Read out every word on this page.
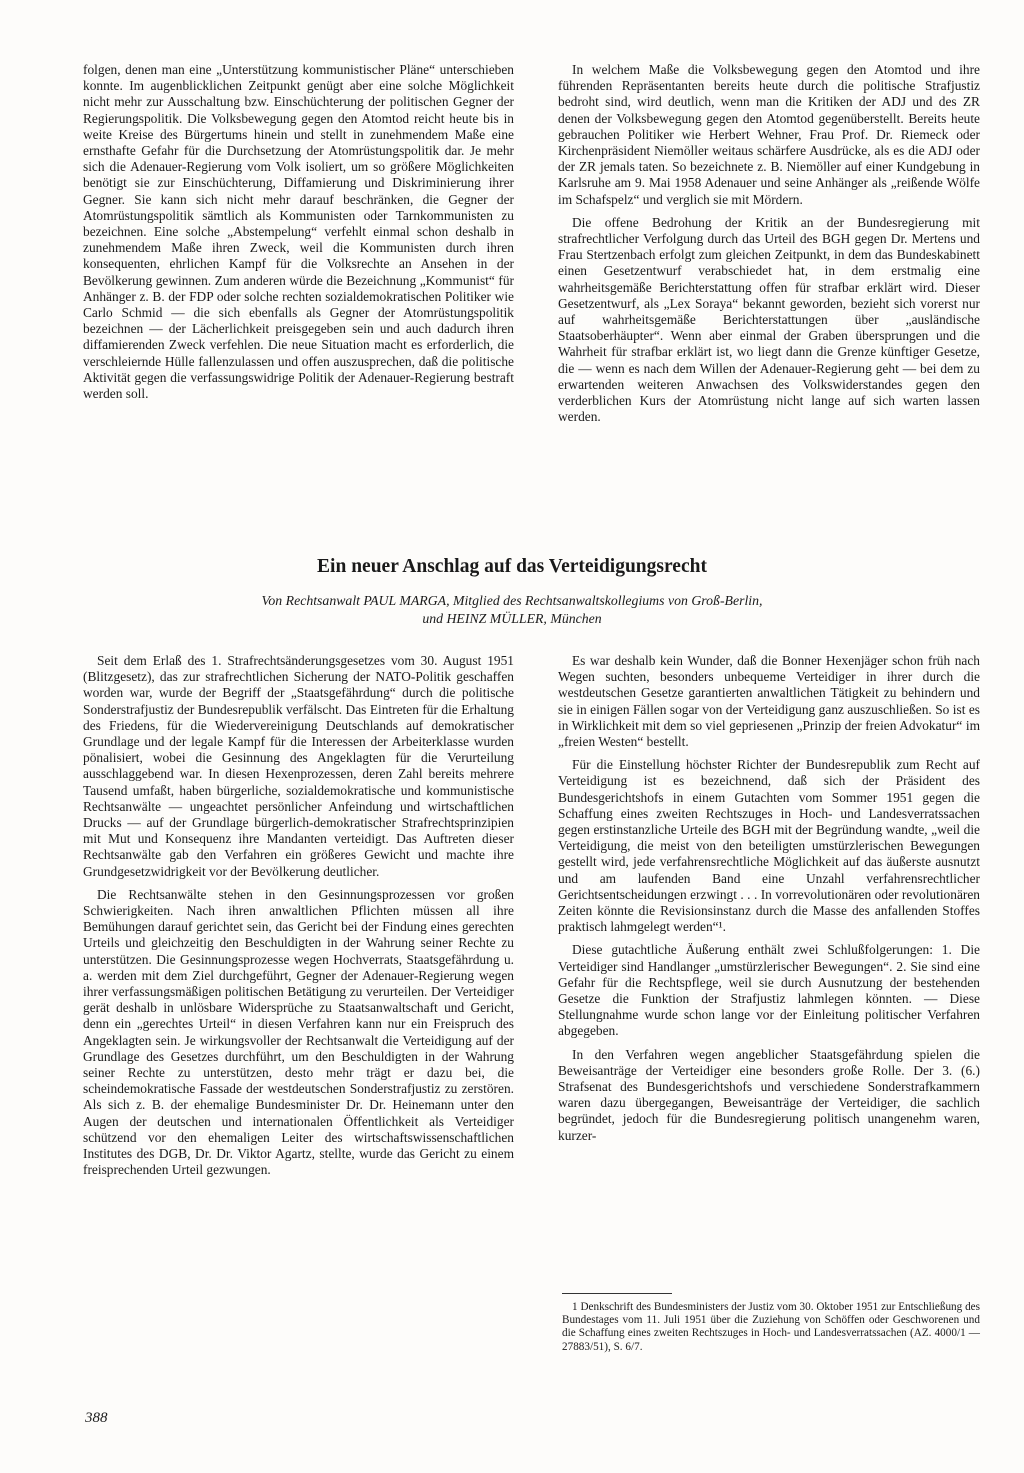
folgen, denen man eine „Unterstützung kommunistischer Pläne“ unterschieben konnte. Im augenblicklichen Zeitpunkt genügt aber eine solche Möglichkeit nicht mehr zur Ausschaltung bzw. Einschüchterung der politischen Gegner der Regierungspolitik. Die Volksbewegung gegen den Atomtod reicht heute bis in weite Kreise des Bürgertums hinein und stellt in zunehmendem Maße eine ernsthafte Gefahr für die Durchsetzung der Atomrüstungspolitik dar. Je mehr sich die Adenauer-Regierung vom Volk isoliert, um so größere Möglichkeiten benötigt sie zur Einschüchterung, Diffamierung und Diskriminierung ihrer Gegner. Sie kann sich nicht mehr darauf beschränken, die Gegner der Atomrüstungspolitik sämtlich als Kommunisten oder Tarnkommunisten zu bezeichnen. Eine solche „Abstempelung“ verfehlt einmal schon deshalb in zunehmendem Maße ihren Zweck, weil die Kommunisten durch ihren konsequenten, ehrlichen Kampf für die Volksrechte an Ansehen in der Bevölkerung gewinnen. Zum anderen würde die Bezeichnung „Kommunist“ für Anhänger z. B. der FDP oder solche rechten sozialdemokratischen Politiker wie Carlo Schmid — die sich ebenfalls als Gegner der Atomrüstungspolitik bezeichnen — der Lächerlichkeit preisgegeben sein und auch dadurch ihren diffamierenden Zweck verfehlen. Die neue Situation macht es erforderlich, die verschleiernde Hülle fallenzulassen und offen auszusprechen, daß die politische Aktivität gegen die verfassungswidrige Politik der Adenauer-Regierung bestraft werden soll.

In welchem Maße die Volksbewegung gegen den Atomtod und ihre führenden Repräsentanten bereits heute durch die politische Strafjustiz bedroht sind, wird deutlich, wenn man die Kritiken der ADJ und des ZR denen der Volksbewegung gegen den Atomtod gegenüberstellt. Bereits heute gebrauchen Politiker wie Herbert Wehner, Frau Prof. Dr. Riemeck oder Kirchenpräsident Niemöller weitaus schärfere Ausdrücke, als es die ADJ oder der ZR jemals taten. So bezeichnete z. B. Niemöller auf einer Kundgebung in Karlsruhe am 9. Mai 1958 Adenauer und seine Anhänger als „reißende Wölfe im Schafspelz“ und verglich sie mit Mördern.

Die offene Bedrohung der Kritik an der Bundesregierung mit strafrechtlicher Verfolgung durch das Urteil des BGH gegen Dr. Mertens und Frau Stertzenbach erfolgt zum gleichen Zeitpunkt, in dem das Bundeskabinett einen Gesetzentwurf verabschiedet hat, in dem erstmalig eine wahrheitsgemäße Berichterstattung offen für strafbar erklärt wird. Dieser Gesetzentwurf, als „Lex Soraya“ bekannt geworden, bezieht sich vorerst nur auf wahrheitsgemäße Berichterstattungen über „ausländische Staatsoberhäupter“. Wenn aber einmal der Graben übersprungen und die Wahrheit für strafbar erklärt ist, wo liegt dann die Grenze künftiger Gesetze, die — wenn es nach dem Willen der Adenauer-Regierung geht — bei dem zu erwartenden weiteren Anwachsen des Volkswiderstandes gegen den verderblichen Kurs der Atomrüstung nicht lange auf sich warten lassen werden.

Ein neuer Anschlag auf das Verteidigungsrecht
Von Rechtsanwalt PAUL MARGA, Mitglied des Rechtsanwaltskollegiums von Groß-Berlin,
und HEINZ MÜLLER, München

Seit dem Erlaß des 1. Strafrechtsänderungsgesetzes vom 30. August 1951 (Blitzgesetz), das zur strafrechtlichen Sicherung der NATO-Politik geschaffen worden war, wurde der Begriff der „Staatsgefährdung“ durch die politische Sonderstrafjustiz der Bundesrepublik verfälscht. Das Eintreten für die Erhaltung des Friedens, für die Wiedervereinigung Deutschlands auf demokratischer Grundlage und der legale Kampf für die Interessen der Arbeiterklasse wurden pönalisiert, wobei die Gesinnung des Angeklagten für die Verurteilung ausschlaggebend war. In diesen Hexenprozessen, deren Zahl bereits mehrere Tausend umfaßt, haben bürgerliche, sozialdemokratische und kommunistische Rechtsanwälte — ungeachtet persönlicher Anfeindung und wirtschaftlichen Drucks — auf der Grundlage bürgerlich-demokratischer Strafrechtsprinzipien mit Mut und Konsequenz ihre Mandanten verteidigt. Das Auftreten dieser Rechtsanwälte gab den Verfahren ein größeres Gewicht und machte ihre Grundgesetzwidrigkeit vor der Bevölkerung deutlicher.

Die Rechtsanwälte stehen in den Gesinnungsprozessen vor großen Schwierigkeiten. Nach ihren anwaltlichen Pflichten müssen all ihre Bemühungen darauf gerichtet sein, das Gericht bei der Findung eines gerechten Urteils und gleichzeitig den Beschuldigten in der Wahrung seiner Rechte zu unterstützen. Die Gesinnungsprozesse wegen Hochverrats, Staatsgefährdung u. a. werden mit dem Ziel durchgeführt, Gegner der Adenauer-Regierung wegen ihrer verfassungsmäßigen politischen Betätigung zu verurteilen. Der Verteidiger gerät deshalb in unlösbare Widersprüche zu Staatsanwaltschaft und Gericht, denn ein „gerechtes Urteil“ in diesen Verfahren kann nur ein Freispruch des Angeklagten sein. Je wirkungsvoller der Rechtsanwalt die Verteidigung auf der Grundlage des Gesetzes durchführt, um den Beschuldigten in der Wahrung seiner Rechte zu unterstützen, desto mehr trägt er dazu bei, die scheindemokratische Fassade der westdeutschen Sonderstrafjustiz zu zerstören. Als sich z. B. der ehemalige Bundesminister Dr. Dr. Heinemann unter den Augen der deutschen und internationalen Öffentlichkeit als Verteidiger schützend vor den ehemaligen Leiter des wirtschaftswissenschaftlichen Institutes des DGB, Dr. Dr. Viktor Agartz, stellte, wurde das Gericht zu einem freisprechenden Urteil gezwungen.

Es war deshalb kein Wunder, daß die Bonner Hexenjäger schon früh nach Wegen suchten, besonders unbequeme Verteidiger in ihrer durch die westdeutschen Gesetze garantierten anwaltlichen Tätigkeit zu behindern und sie in einigen Fällen sogar von der Verteidigung ganz auszuschließen. So ist es in Wirklichkeit mit dem so viel gepriesenen „Prinzip der freien Advokatur“ im „freien Westen“ bestellt.

Für die Einstellung höchster Richter der Bundesrepublik zum Recht auf Verteidigung ist es bezeichnend, daß sich der Präsident des Bundesgerichtshofs in einem Gutachten vom Sommer 1951 gegen die Schaffung eines zweiten Rechtszuges in Hoch- und Landesverratssachen gegen erstinstanzliche Urteile des BGH mit der Begründung wandte, „weil die Verteidigung, die meist von den beteiligten umstürzlerischen Bewegungen gestellt wird, jede verfahrensrechtliche Möglichkeit auf das äußerste ausnutzt und am laufenden Band eine Unzahl verfahrensrechtlicher Gerichtsentscheidungen erzwingt . . . In vorrevolutionären oder revolutionären Zeiten könnte die Revisionsinstanz durch die Masse des anfallenden Stoffes praktisch lahmgelegt werden“¹.

Diese gutachtliche Äußerung enthält zwei Schlußfolgerungen: 1. Die Verteidiger sind Handlanger „umstürzlerischer Bewegungen“. 2. Sie sind eine Gefahr für die Rechtspflege, weil sie durch Ausnutzung der bestehenden Gesetze die Funktion der Strafjustiz lahmlegen könnten. — Diese Stellungnahme wurde schon lange vor der Einleitung politischer Verfahren abgegeben.

In den Verfahren wegen angeblicher Staatsgefährdung spielen die Beweisanträge der Verteidiger eine besonders große Rolle. Der 3. (6.) Strafsenat des Bundesgerichtshofs und verschiedene Sonderstrafkammern waren dazu übergegangen, Beweisanträge der Verteidiger, die sachlich begründet, jedoch für die Bundesregierung politisch unangenehm waren, kurzer-

1 Denkschrift des Bundesministers der Justiz vom 30. Oktober 1951 zur Entschließung des Bundestages vom 11. Juli 1951 über die Zuziehung von Schöffen oder Geschworenen und die Schaffung eines zweiten Rechtszuges in Hoch- und Landesverratssachen (AZ. 4000/1 — 27883/51), S. 6/7.

388
